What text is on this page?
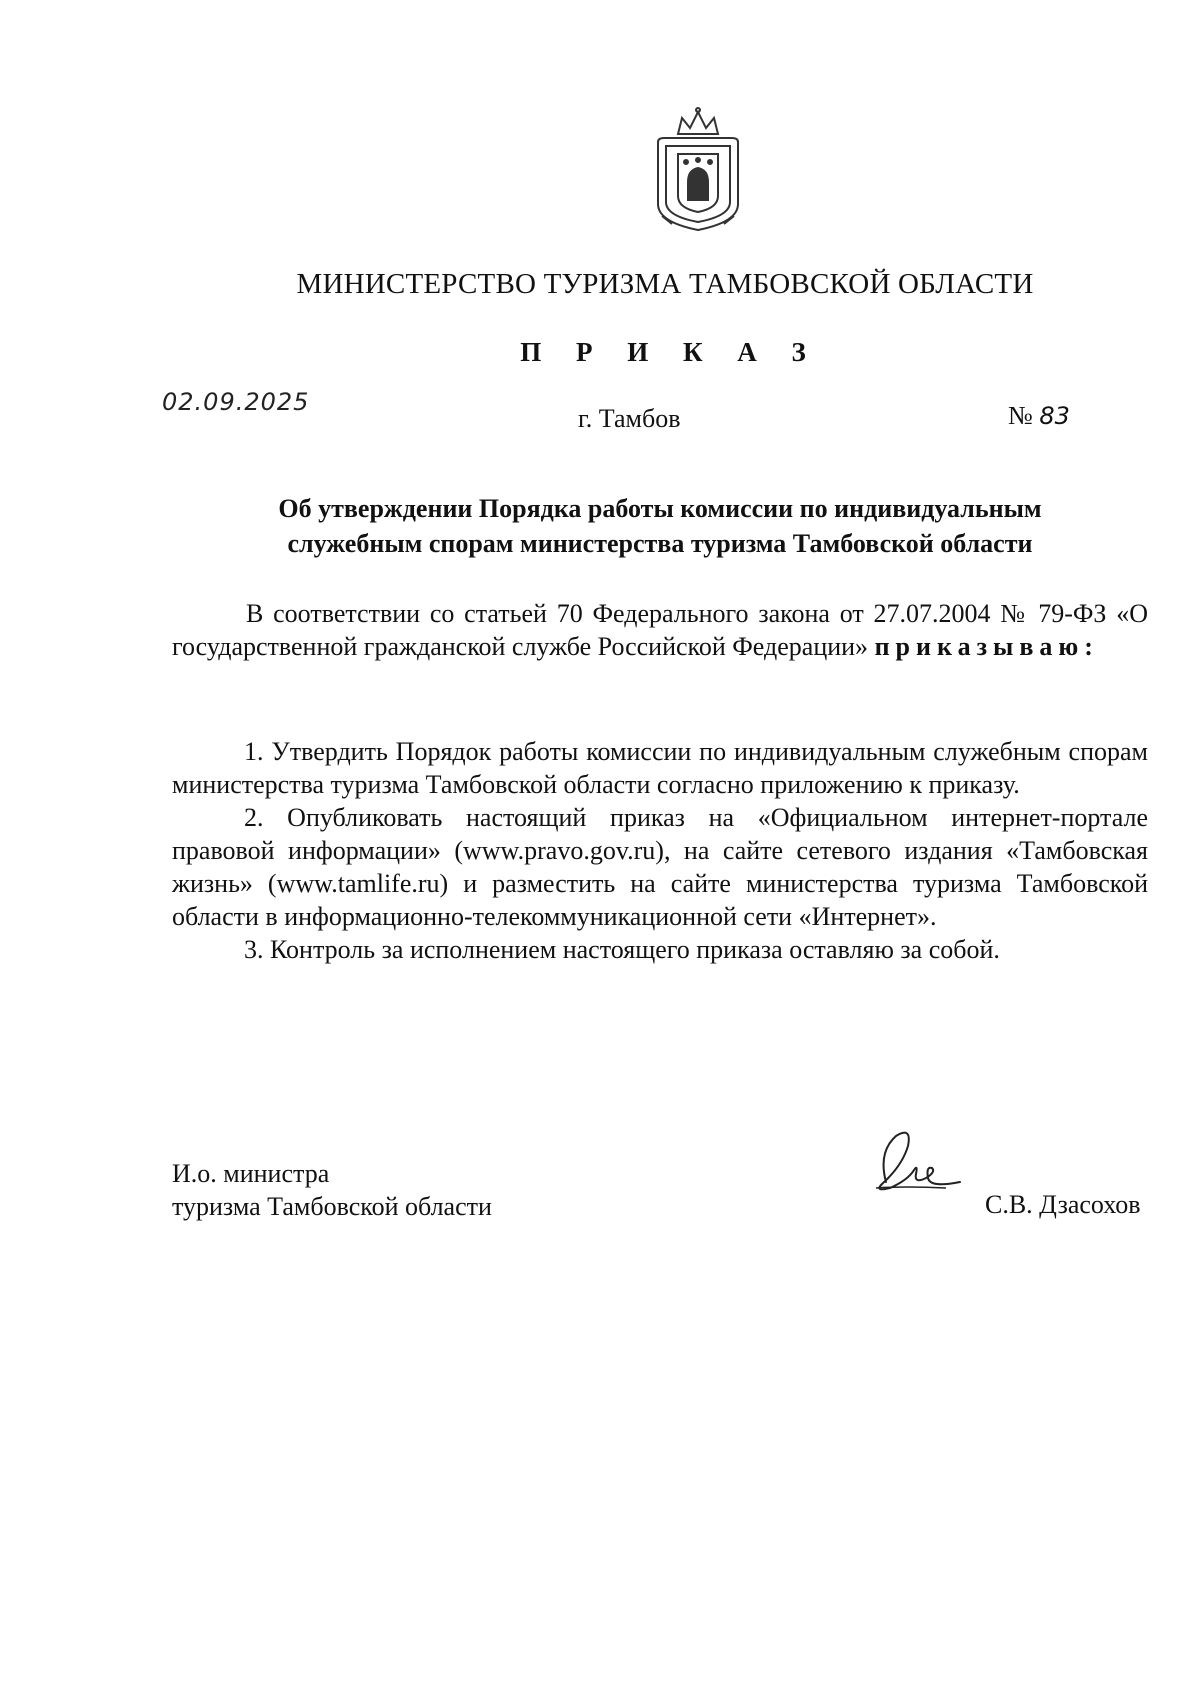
МИНИСТЕРСТВО ТУРИЗМА ТАМБОВСКОЙ ОБЛАСТИ
П Р И К А З
02.09.2025
г. Тамбов	№ 83
Об утверждении Порядка работы комиссии по индивидуальным
служебным спорам министерства туризма Тамбовской области
В соответствии со статьей 70 Федерального закона от 27.07.2004 № 79-ФЗ «О государственной гражданской службе Российской Федерации» приказываю:

1. Утвердить Порядок работы комиссии по индивидуальным служебным спорам министерства туризма Тамбовской области согласно приложению к приказу.

2. Опубликовать настоящий приказ на «Официальном интернет-портале правовой информации» (www.pravo.gov.ru), на сайте сетевого издания «Тамбовская жизнь» (www.tamlife.ru) и разместить на сайте министерства туризма Тамбовской области в информационно-телекоммуникационной сети «Интернет».

3. Контроль за исполнением настоящего приказа оставляю за собой.

И.о. министра
туризма Тамбовской области	С.В. Дзасохов
